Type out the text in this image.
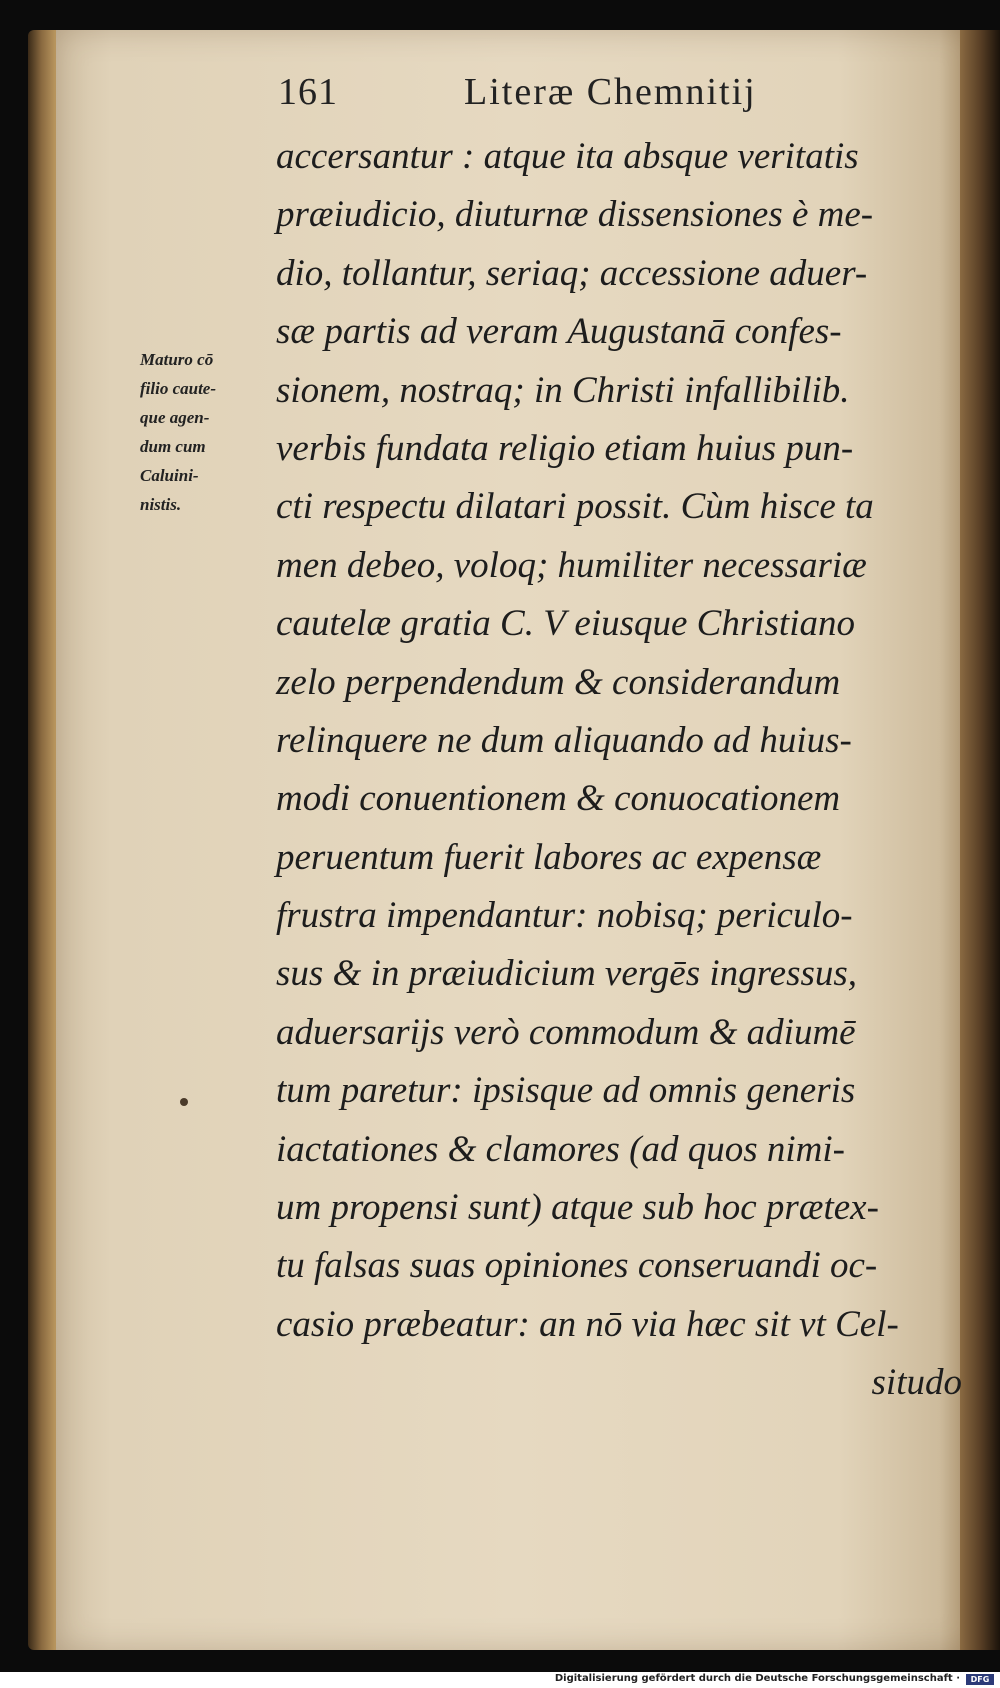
161	Literæ Chemnitij
Maturo cō
filio caute-
que agen-
dum cum
Caluini-
nistis.
accersantur : atque ita absque veritatis
præiudicio, diuturnæ dissensiones è me-
dio, tollantur, seriaq; accessione aduer-
sæ partis ad veram Augustanā confes-
sionem, nostraq; in Christi infallibilib.
verbis fundata religio etiam huius pun-
cti respectu dilatari possit. Cùm hisce ta
men debeo, voloq; humiliter necessariæ
cautelæ gratia C. V eiusque Christiano
zelo perpendendum & considerandum
relinquere ne dum aliquando ad huius-
modi conuentionem & conuocationem
peruentum fuerit labores ac expensæ
frustra impendantur: nobisq; periculo-
sus & in præiudicium vergēs ingressus,
aduersarijs verò commodum & adiumē
tum paretur: ipsisque ad omnis generis
iactationes & clamores (ad quos nimi-
um propensi sunt) atque sub hoc prætex-
tu falsas suas opiniones conseruandi oc-
casio præbeatur: an nō via hæc sit vt Cel-
situdo
Digitalisierung gefördert durch die Deutsche Forschungsgemeinschaft ·	DFG
